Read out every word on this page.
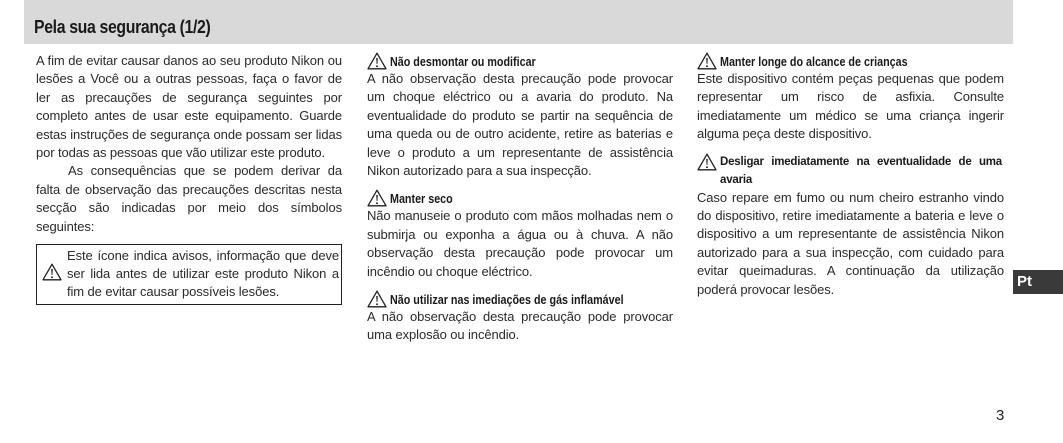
Pela sua segurança (1/2)

A fim de evitar causar danos ao seu produto Nikon ou lesões a Você ou a outras pessoas, faça o favor de ler as precauções de segurança seguintes por completo antes de usar este equipamento. Guarde estas instruções de segurança onde possam ser lidas por todas as pessoas que vão utilizar este produto.

As consequências que se podem derivar da falta de observação das precauções descritas nesta secção são indicadas por meio dos símbolos seguintes:

Este ícone indica avisos, informação que deve ser lida antes de utilizar este produto Nikon a fim de evitar causar possíveis lesões.

Não desmontar ou modificar

A não observação desta precaução pode provocar um choque eléctrico ou a avaria do produto. Na eventualidade do produto se partir na sequência de uma queda ou de outro acidente, retire as baterias e leve o produto a um representante de assistência Nikon autorizado para a sua inspecção.

Manter seco

Não manuseie o produto com mãos molhadas nem o submirja ou exponha a água ou à chuva. A não observação desta precaução pode provocar um incêndio ou choque eléctrico.

Não utilizar nas imediações de gás inflamável

A não observação desta precaução pode provocar uma explosão ou incêndio.

Manter longe do alcance de crianças

Este dispositivo contém peças pequenas que podem representar um risco de asfixia. Consulte imediatamente um médico se uma criança ingerir alguma peça deste dispositivo.

Desligar imediatamente na eventualidade de uma avaria

Caso repare em fumo ou num cheiro estranho vindo do dispositivo, retire imediatamente a bateria e leve o dispositivo a um representante de assistência Nikon autorizado para a sua inspecção, com cuidado para evitar queimaduras. A continuação da utilização poderá provocar lesões.	Pt
3
